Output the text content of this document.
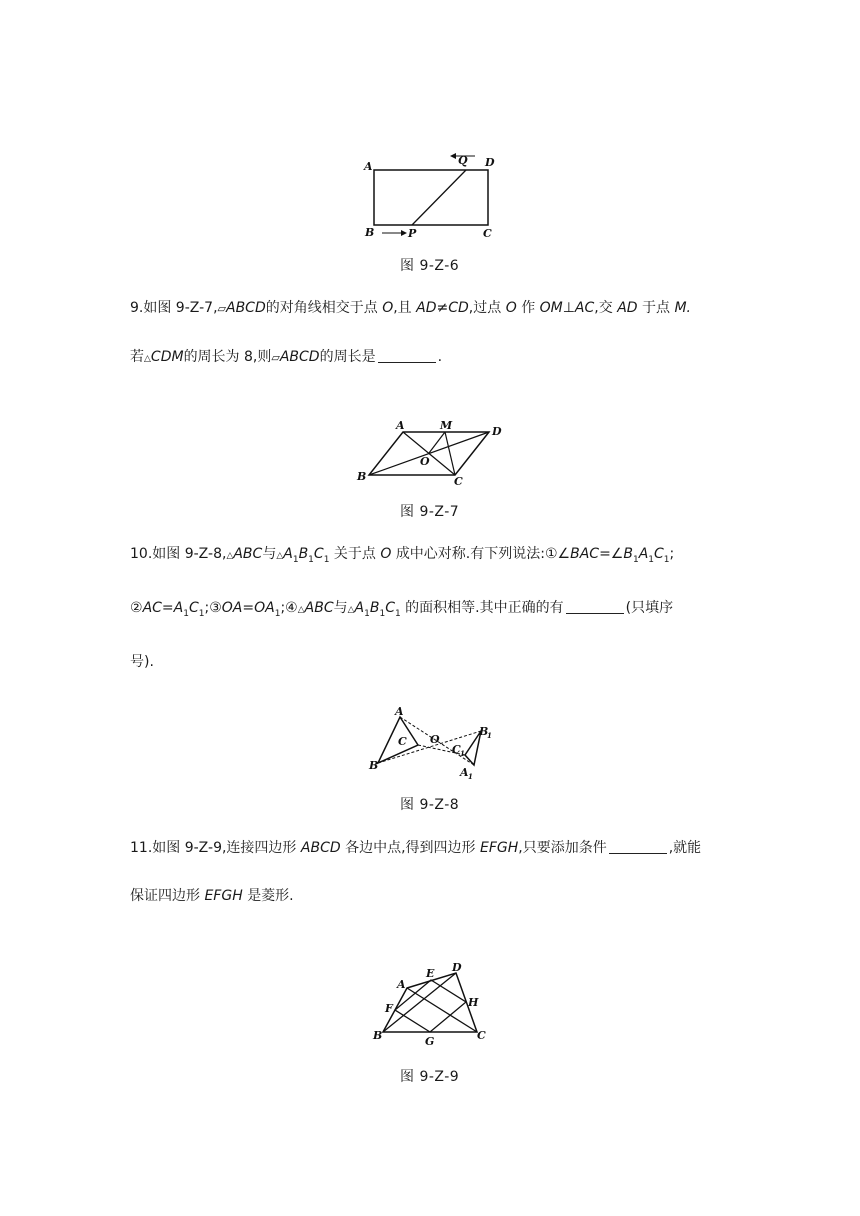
A	Q D
B	P	C
图 9-Z-6
9.如图 9-Z-7,▱ABCD的对角线相交于点 O,且 AD≠CD,过点 O 作 OM⊥AC,交 AD 于点 M.
若△CDM的周长为 8,则▱ABCD的周长是	.
A	M	D
O
B	C
图 9-Z-7
10.如图 9-Z-8,△ABC与$\triangle A_1B_1C_1$ 关于点 O 成中心对称.有下列说法$:①\angle BAC=\angle B_1A_1C_1$;
$②AC=A_1C_1;③OA=OA_1;④\triangle ABC$与$\triangle A_1B_1C_1$ 的面积相等.其中正确的有	(只填序
号).
A
C O
B
1
C 1
B
A 1
图 9-Z-8
11.如图 9-Z-9,连接四边形 ABCD 各边中点,得到四边形 EFGH,只要添加条件	,就能
保证四边形 EFGH 是菱形.
A
E D
F	H
B	G	C
图 9-Z-9
